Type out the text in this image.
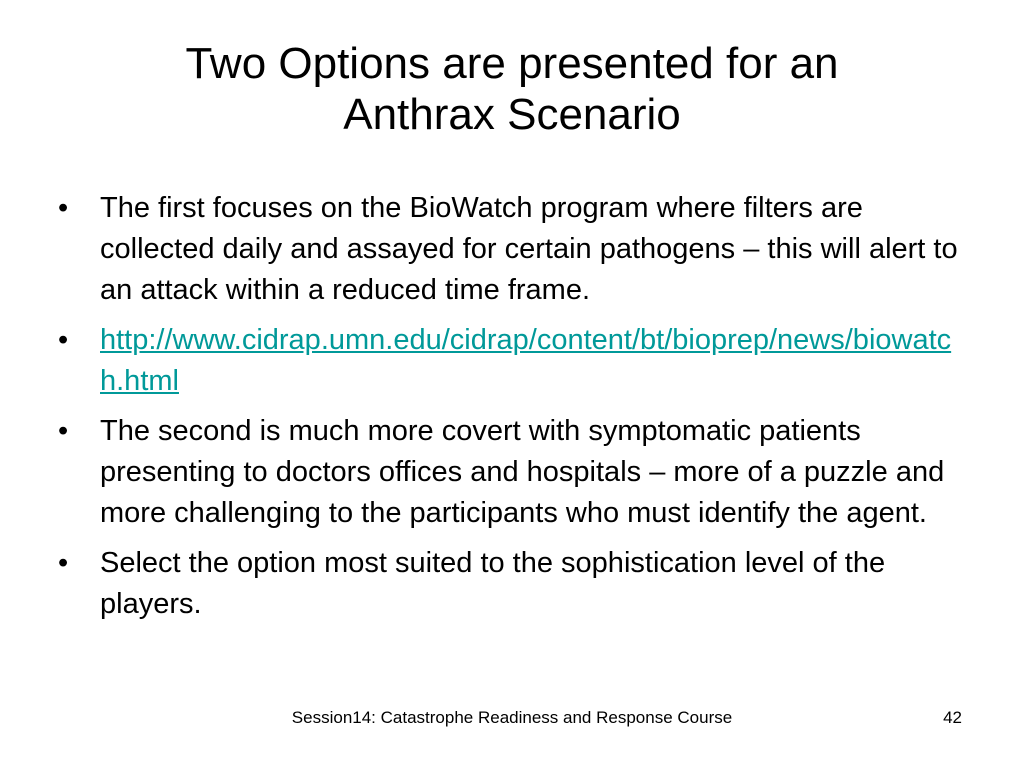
Two Options are presented for an
Anthrax Scenario
•	The first focuses on the BioWatch program where filters are collected daily and assayed for certain pathogens – this will alert to an attack within a reduced time frame.
•	http://www.cidrap.umn.edu/cidrap/content/bt/bioprep/news/biowatch.html
•	The second is much more covert with symptomatic patients presenting to doctors offices and hospitals – more of a puzzle and more challenging to the participants who must identify the agent.
•	Select the option most suited to the sophistication level of the players.
Session14: Catastrophe Readiness and Response Course	42
